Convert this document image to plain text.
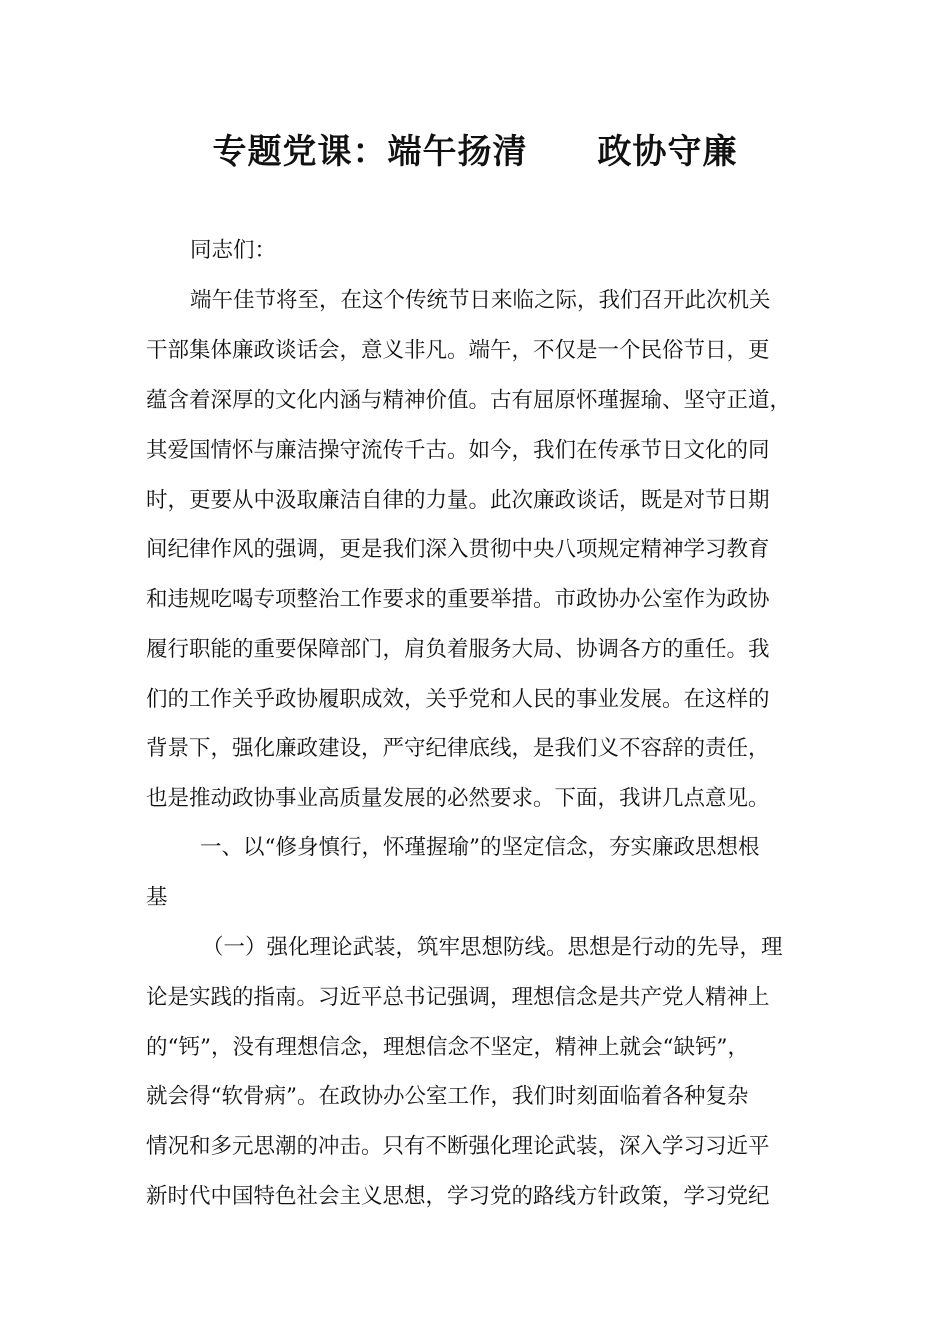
专题党课：端午扬清　　政协守廉
同志们：
端午佳节将至，在这个传统节日来临之际，我们召开此次机关
干部集体廉政谈话会，意义非凡。端午，不仅是一个民俗节日，更
蕴含着深厚的文化内涵与精神价值。古有屈原怀瑾握瑜、坚守正道，
其爱国情怀与廉洁操守流传千古。如今，我们在传承节日文化的同
时，更要从中汲取廉洁自律的力量。此次廉政谈话，既是对节日期
间纪律作风的强调，更是我们深入贯彻中央八项规定精神学习教育
和违规吃喝专项整治工作要求的重要举措。市政协办公室作为政协
履行职能的重要保障部门，肩负着服务大局、协调各方的重任。我
们的工作关乎政协履职成效，关乎党和人民的事业发展。在这样的
背景下，强化廉政建设，严守纪律底线，是我们义不容辞的责任，
也是推动政协事业高质量发展的必然要求。下面，我讲几点意见。
一、以“修身慎行，怀瑾握瑜”的坚定信念，夯实廉政思想根
基
（一）强化理论武装，筑牢思想防线。思想是行动的先导，理
论是实践的指南。习近平总书记强调，理想信念是共产党人精神上
的“钙”，没有理想信念，理想信念不坚定，精神上就会“缺钙”，
就会得“软骨病”。在政协办公室工作，我们时刻面临着各种复杂
情况和多元思潮的冲击。只有不断强化理论武装，深入学习习近平
新时代中国特色社会主义思想，学习党的路线方针政策，学习党纪
